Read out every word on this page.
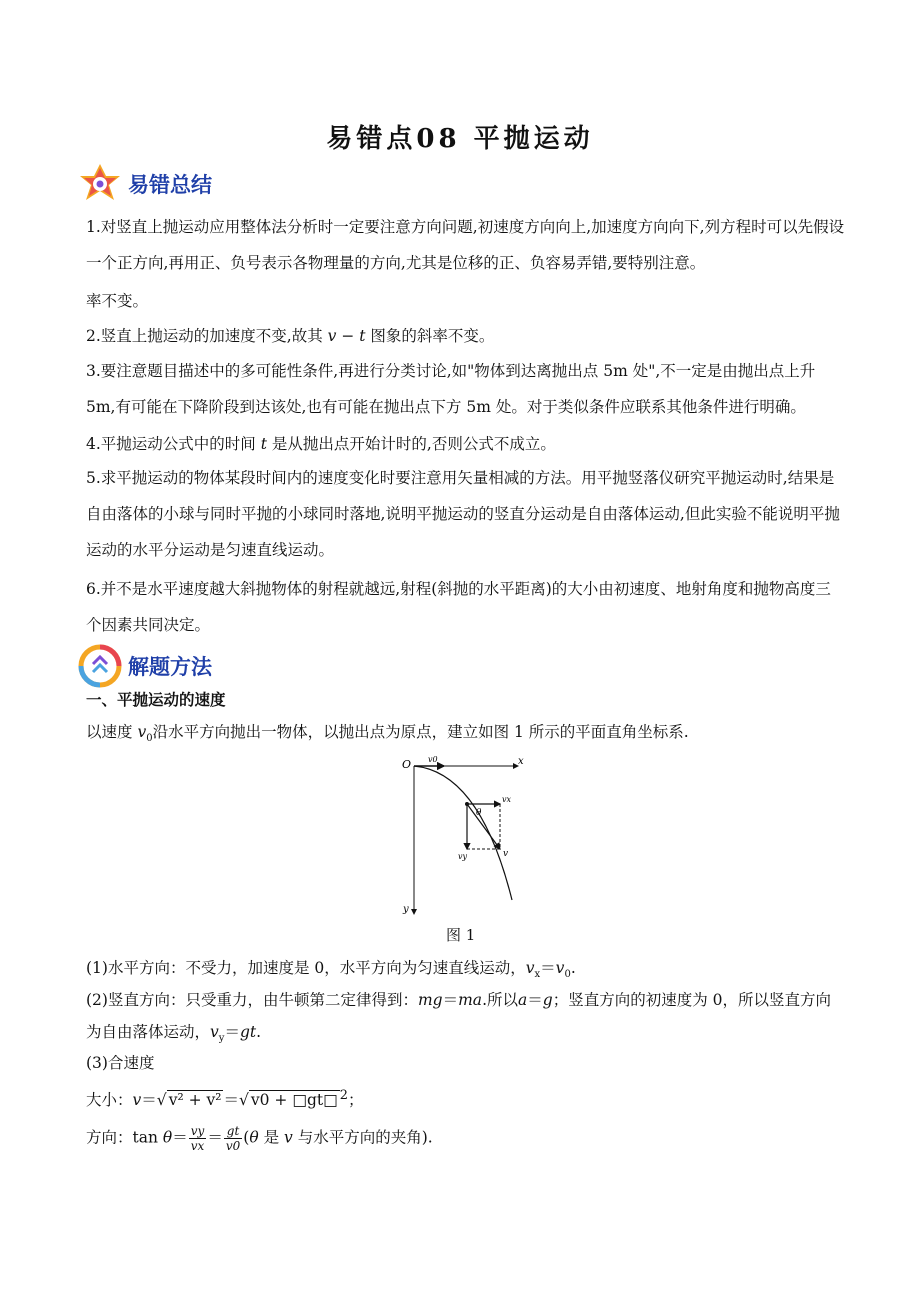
易错点08 平抛运动
易错总结

1.对竖直上抛运动应用整体法分析时一定要注意方向问题,初速度方向向上,加速度方向向下,列方程时可以先假设一个正方向,再用正、负号表示各物理量的方向,尤其是位移的正、负容易弄错,要特别注意。

率不变。
2.竖直上抛运动的加速度不变,故其 v − t 图象的斜率不变。

3.要注意题目描述中的多可能性条件,再进行分类讨论,如"物体到达离抛出点 5m 处",不一定是由抛出点上升 5m,有可能在下降阶段到达该处,也有可能在抛出点下方 5m 处。对于类似条件应联系其他条件进行明确。

4.平抛运动公式中的时间 t 是从抛出点开始计时的,否则公式不成立。

5.求平抛运动的物体某段时间内的速度变化时要注意用矢量相减的方法。用平抛竖落仪研究平抛运动时,结果是自由落体的小球与同时平抛的小球同时落地,说明平抛运动的竖直分运动是自由落体运动,但此实验不能说明平抛运动的水平分运动是匀速直线运动。

6.并不是水平速度越大斜抛物体的射程就越远,射程(斜抛的水平距离)的大小由初速度、地射角度和抛物高度三个因素共同决定。

解题方法
一、平抛运动的速度
以速度 $v_0$沿水平方向抛出一物体，以抛出点为原点，建立如图 1 所示的平面直角坐标系.
O	x
y
v0
vx
vy	v
θ
图 1
(1)水平方向：不受力，加速度是 0，水平方向为匀速直线运动，$v_x=v_0$.
(2)竖直方向：只受重力，由牛顿第二定律得到：mg＝ma.所以a＝g；竖直方向的初速度为 0，所以竖直方向
为自由落体运动，$v_y=gt$.
(3)合速度
大小：v＝√ v² + v² ＝√ v0 + □gt□ $^2$；
方向：$\tan \theta= \frac{vy}{vx} = \frac{gt}{v0} (\theta$ 是 v 与水平方向的夹角).
